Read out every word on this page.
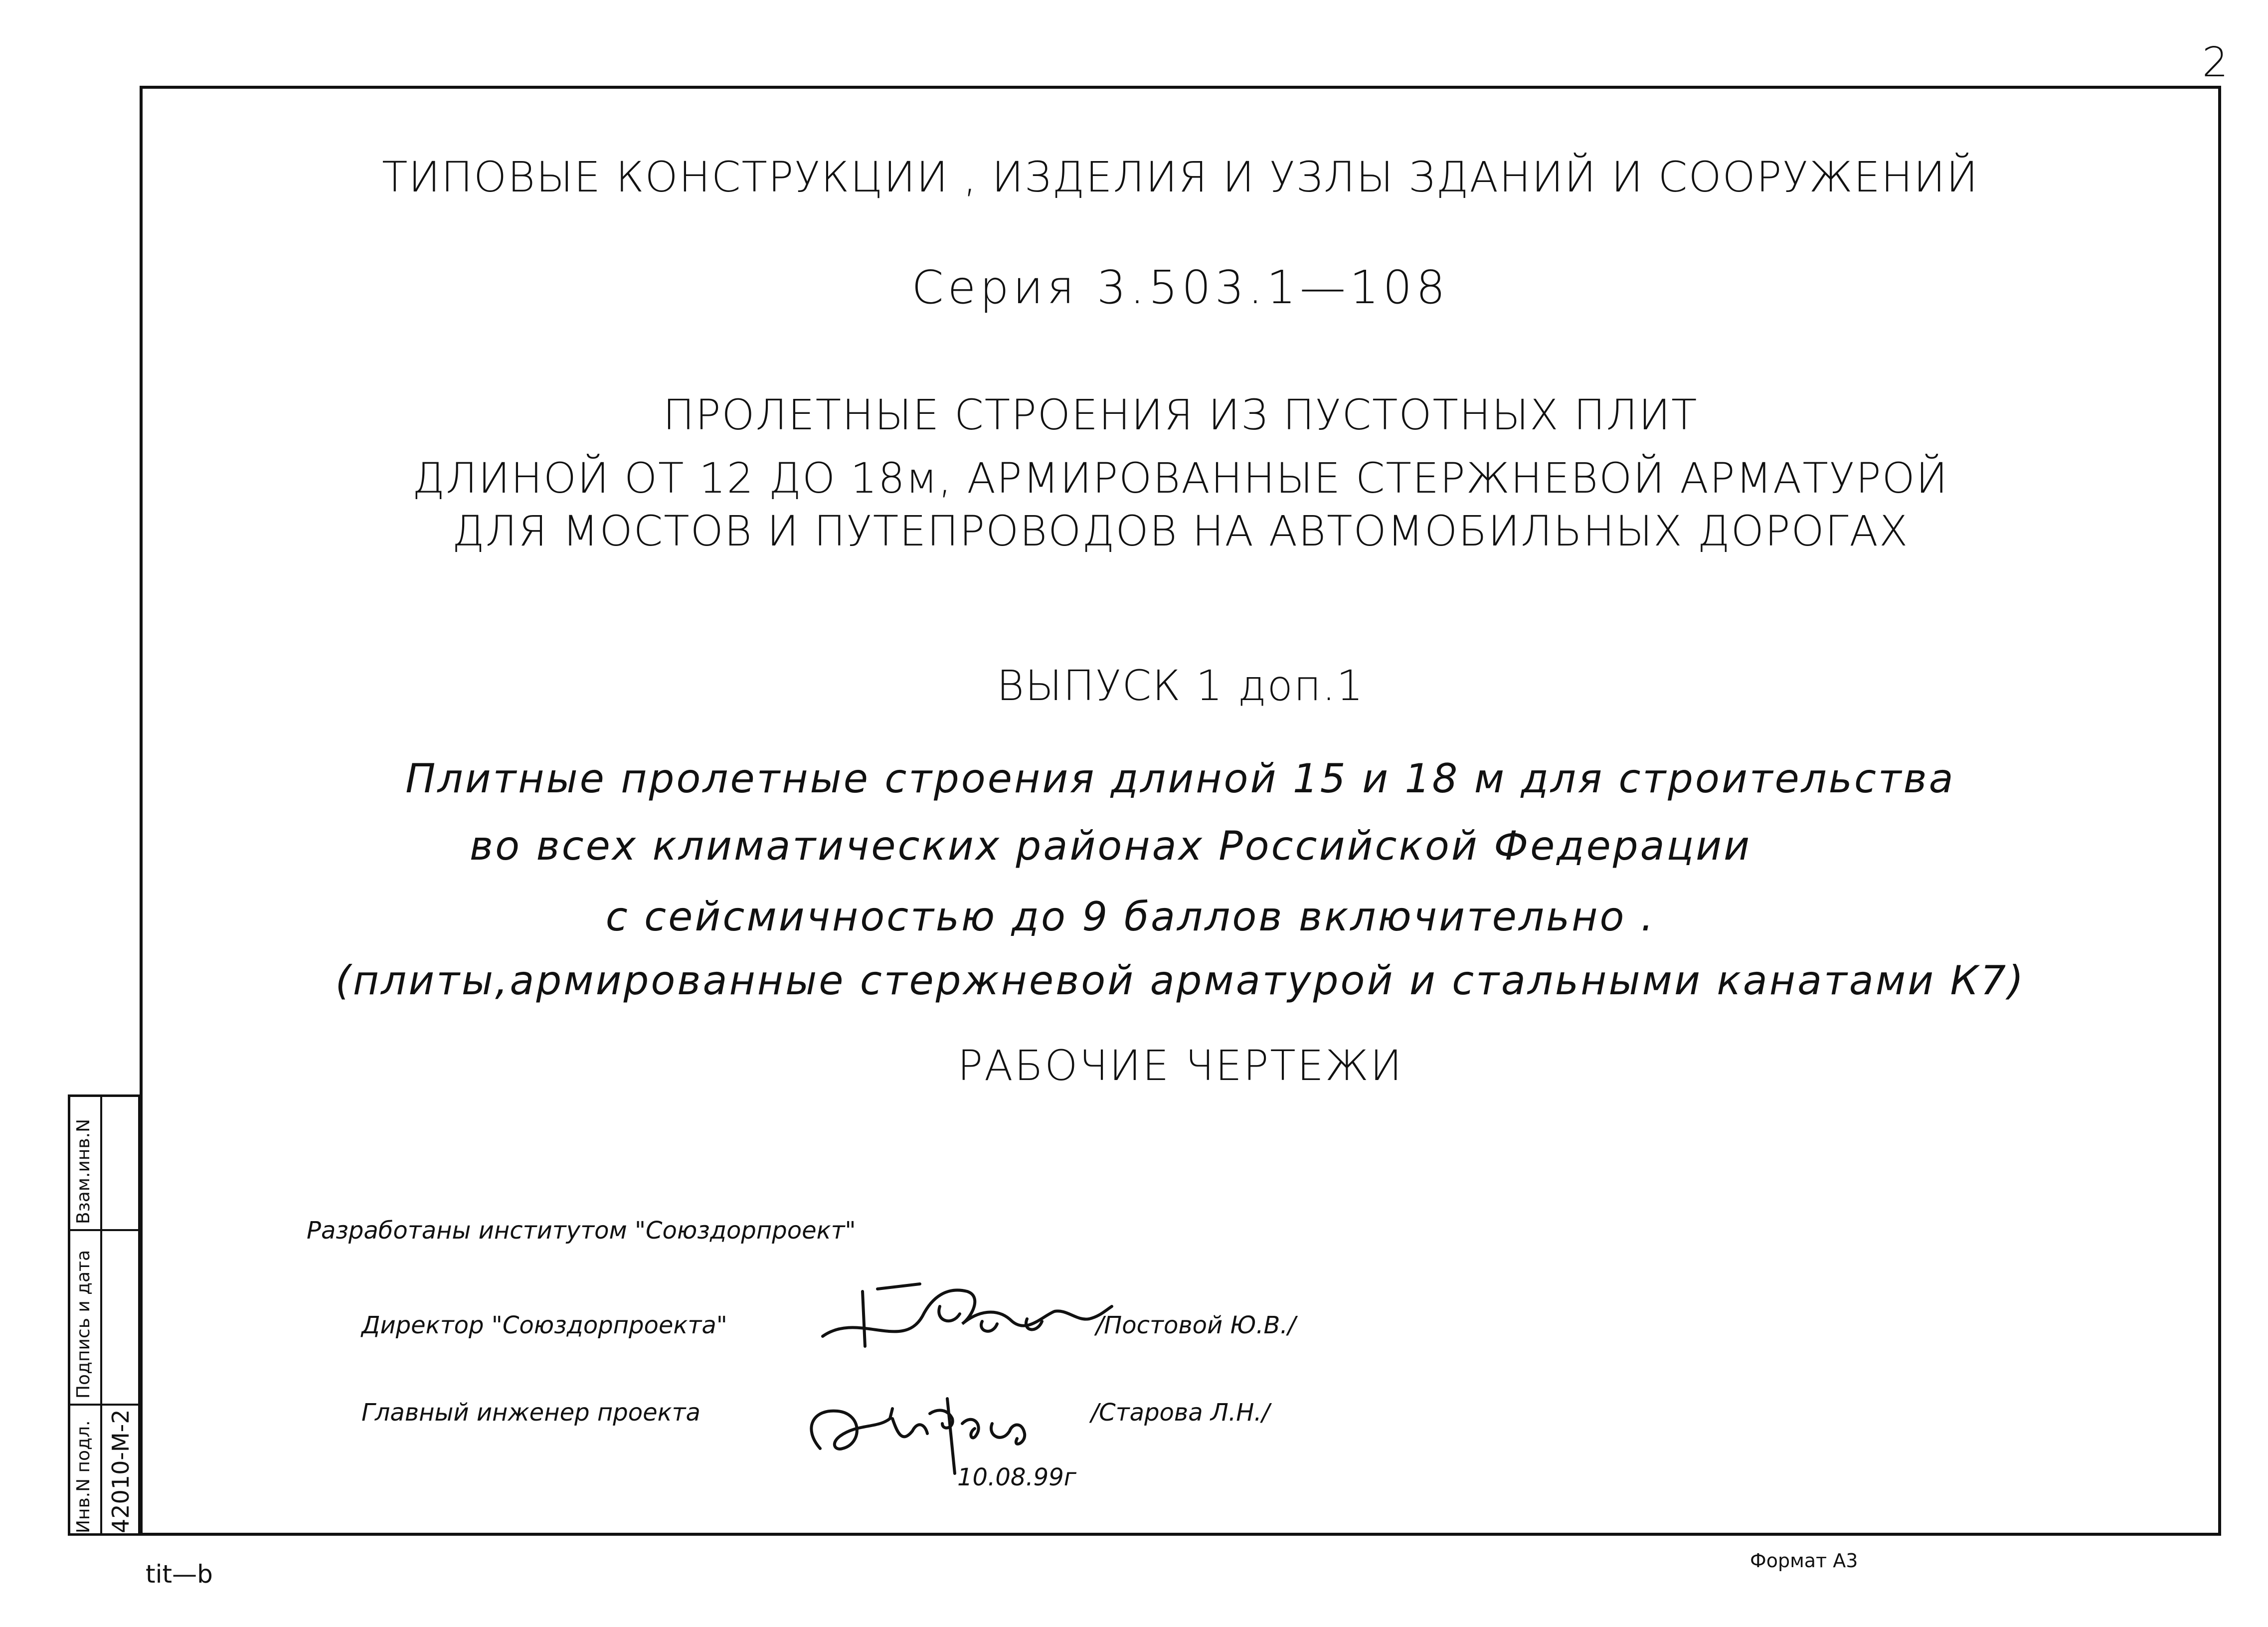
2
ТИПОВЫЕ КОНСТРУКЦИИ , ИЗДЕЛИЯ И УЗЛЫ ЗДАНИЙ И СООРУЖЕНИЙ
Серия 3.503.1—108
ПРОЛЕТНЫЕ СТРОЕНИЯ ИЗ ПУСТОТНЫХ ПЛИТ
ДЛИНОЙ ОТ 12 ДО 18м, АРМИРОВАННЫЕ СТЕРЖНЕВОЙ АРМАТУРОЙ
ДЛЯ МОСТОВ И ПУТЕПРОВОДОВ НА АВТОМОБИЛЬНЫХ ДОРОГАХ
ВЫПУСК 1 доп.1
Плитные пролетные строения длиной 15 и 18 м для строительства
во всех климатических районах Российской Федерации
с сейсмичностью до 9 баллов включительно .
(плиты,армированные стержневой арматурой и стальными канатами К7)
РАБОЧИЕ ЧЕРТЕЖИ
Разработаны институтом "Союздорпроект"
Директор "Союздорпроекта"	/Постовой Ю.В./
Главный инженер проекта	/Старова Л.Н./
10.08.99г
Инв.N подл.
Подпись и дата
Взам.инв.N
42010-М-2
tit—b	Формат А3
